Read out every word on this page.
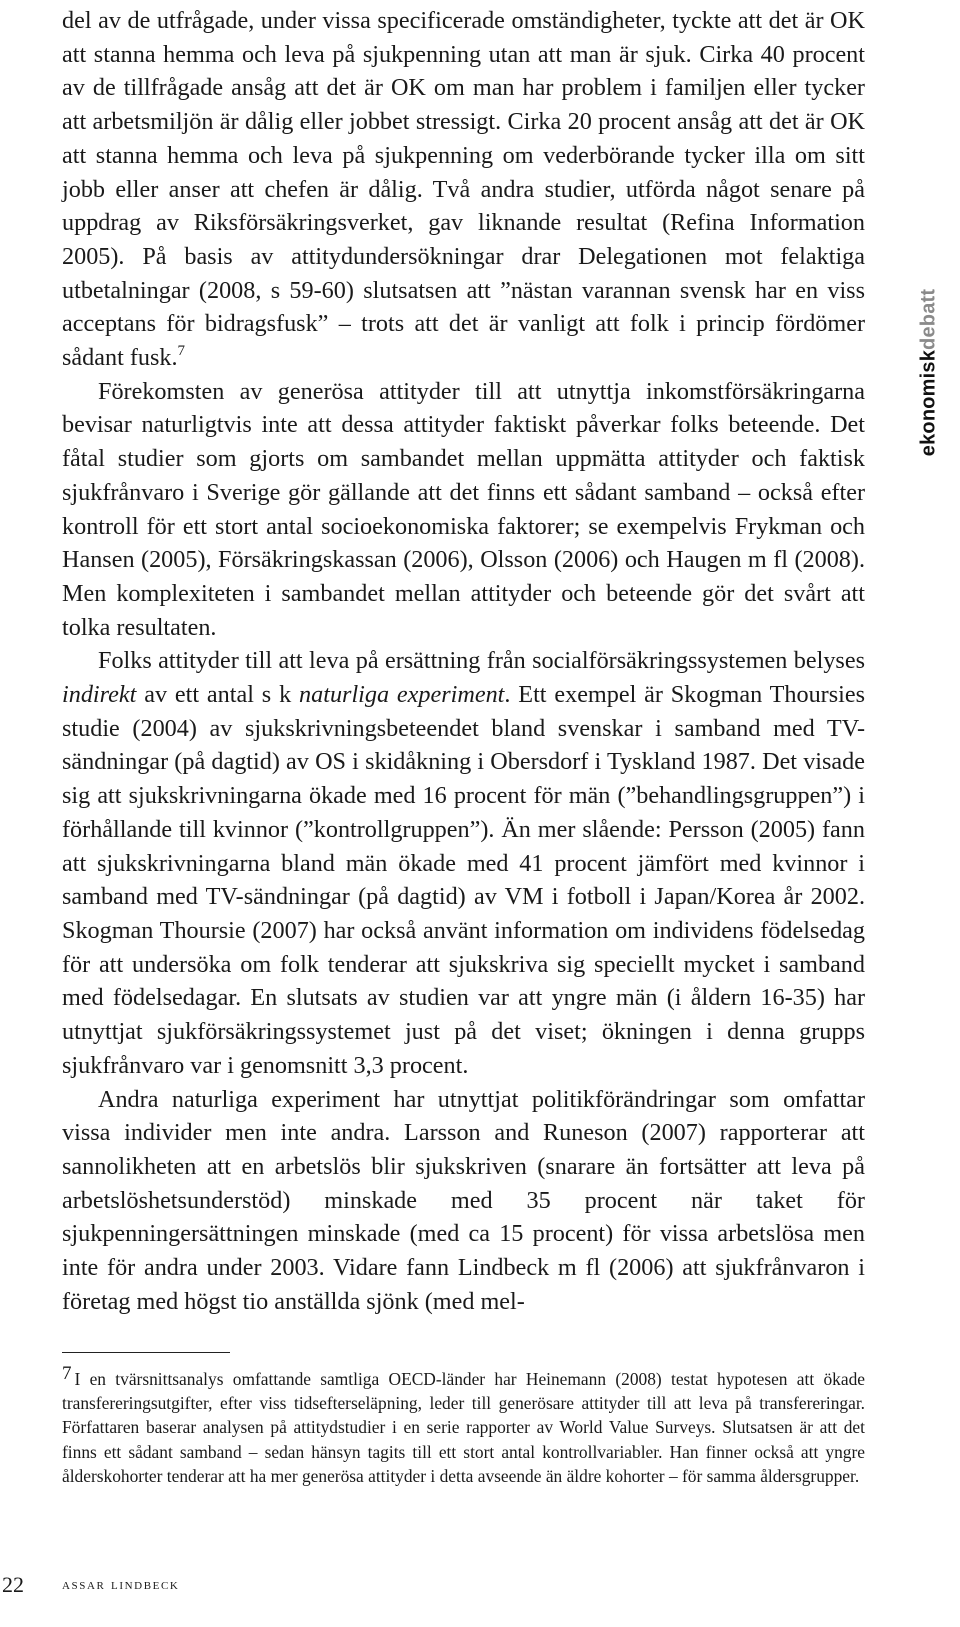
del av de utfrågade, under vissa specificerade omständigheter, tyckte att det är OK att stanna hemma och leva på sjukpenning utan att man är sjuk. Cirka 40 procent av de tillfrågade ansåg att det är OK om man har problem i familjen eller tycker att arbetsmiljön är dålig eller jobbet stressigt. Cirka 20 procent ansåg att det är OK att stanna hemma och leva på sjukpenning om vederbörande tycker illa om sitt jobb eller anser att chefen är dålig. Två andra studier, utförda något senare på uppdrag av Riksförsäkringsverket, gav liknande resultat (Refina Information 2005). På basis av attitydundersökningar drar Delegationen mot felaktiga utbetalningar (2008, s 59-60) slutsatsen att ”nästan varannan svensk har en viss acceptans för bidragsfusk” – trots att det är vanligt att folk i princip fördömer sådant fusk.$^7$

Förekomsten av generösa attityder till att utnyttja inkomstförsäkringarna bevisar naturligtvis inte att dessa attityder faktiskt påverkar folks beteende. Det fåtal studier som gjorts om sambandet mellan uppmätta attityder och faktisk sjukfrånvaro i Sverige gör gällande att det finns ett sådant samband – också efter kontroll för ett stort antal socioekonomiska faktorer; se exempelvis Frykman och Hansen (2005), Försäkringskassan (2006), Olsson (2006) och Haugen m fl (2008). Men komplexiteten i sambandet mellan attityder och beteende gör det svårt att tolka resultaten.

Folks attityder till att leva på ersättning från socialförsäkringssystemen belyses indirekt av ett antal s k naturliga experiment. Ett exempel är Skogman Thoursies studie (2004) av sjukskrivningsbeteendet bland svenskar i samband med TV-sändningar (på dagtid) av OS i skidåkning i Obersdorf i Tyskland 1987. Det visade sig att sjukskrivningarna ökade med 16 procent för män (”behandlingsgruppen”) i förhållande till kvinnor (”kontrollgruppen”). Än mer slående: Persson (2005) fann att sjukskrivningarna bland män ökade med 41 procent jämfört med kvinnor i samband med TV-sändningar (på dagtid) av VM i fotboll i Japan/Korea år 2002. Skogman Thoursie (2007) har också använt information om individens födelsedag för att undersöka om folk tenderar att sjukskriva sig speciellt mycket i samband med födelsedagar. En slutsats av studien var att yngre män (i åldern 16-35) har utnyttjat sjukförsäkringssystemet just på det viset; ökningen i denna grupps sjukfrånvaro var i genomsnitt 3,3 procent.

Andra naturliga experiment har utnyttjat politikförändringar som omfattar vissa individer men inte andra. Larsson and Runeson (2007) rapporterar att sannolikheten att en arbetslös blir sjukskriven (snarare än fortsätter att leva på arbetslöshetsunderstöd) minskade med 35 procent när taket för sjukpenningersättningen minskade (med ca 15 procent) för vissa arbetslösa men inte för andra under 2003. Vidare fann Lindbeck m fl (2006) att sjukfrånvaron i företag med högst tio anställda sjönk (med mel-

7 I en tvärsnittsanalys omfattande samtliga OECD-länder har Heinemann (2008) testat hypotesen att ökade transfereringsutgifter, efter viss tidsefterseläpning, leder till generösare attityder till att leva på transfereringar. Författaren baserar analysen på attitydstudier i en serie rapporter av World Value Surveys. Slutsatsen är att det finns ett sådant samband – sedan hänsyn tagits till ett stort antal kontrollvariabler. Han finner också att yngre ålderskohorter tenderar att ha mer generösa attityder i detta avseende än äldre kohorter – för samma åldersgrupper.
ekonomiskdebatt
22 assar lindbeck
